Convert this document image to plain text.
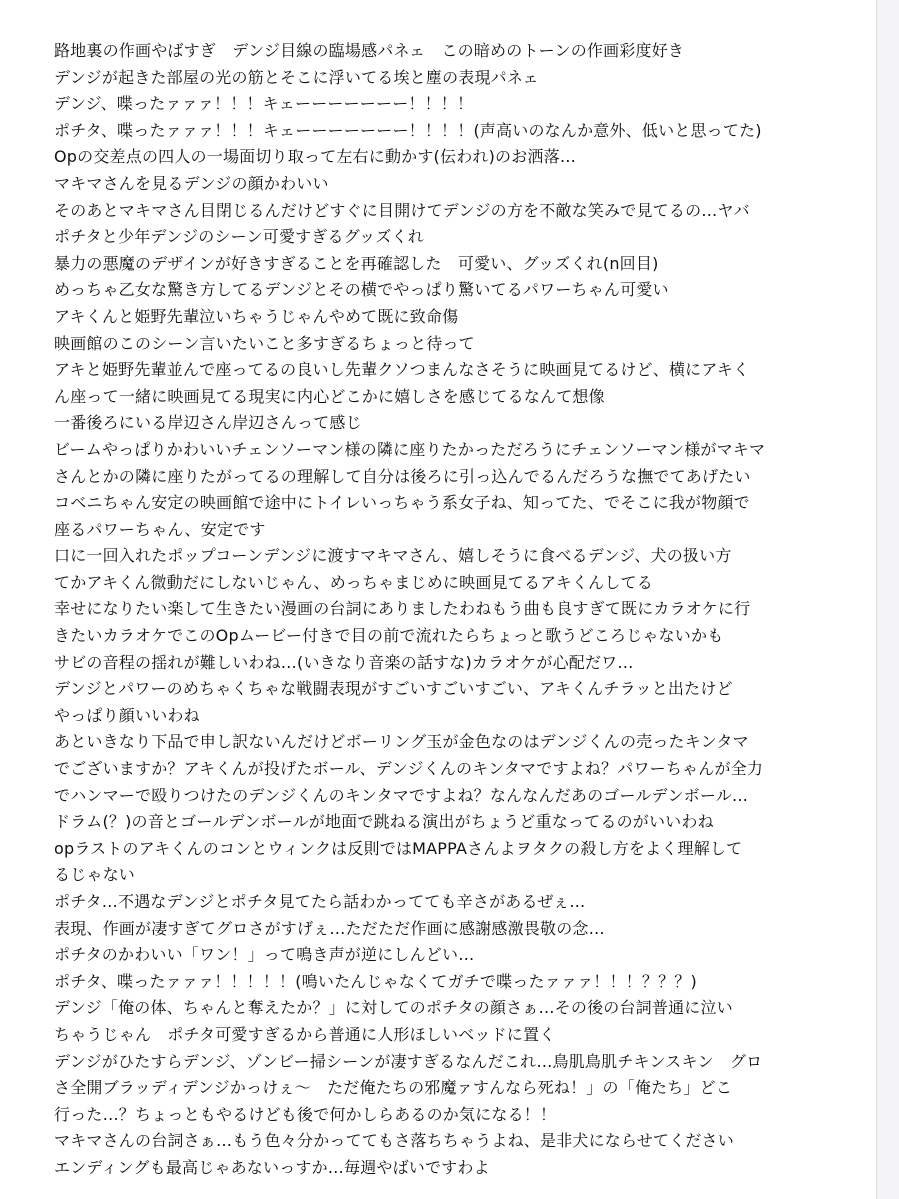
路地裏の作画やばすぎ　デンジ目線の臨場感パネェ　この暗めのトーンの作画彩度好き
デンジが起きた部屋の光の筋とそこに浮いてる埃と塵の表現パネェ
デンジ、喋ったァァァ！！！キェーーーーーーー！！！！
ポチタ、喋ったァァァ！！！キェーーーーーーー！！！！(声高いのなんか意外、低いと思ってた)
Opの交差点の四人の一場面切り取って左右に動かす(伝われ)のお洒落…
マキマさんを見るデンジの顔かわいい
そのあとマキマさん目閉じるんだけどすぐに目開けてデンジの方を不敵な笑みで見てるの…ヤバ
ポチタと少年デンジのシーン可愛すぎるグッズくれ
暴力の悪魔のデザインが好きすぎることを再確認した　可愛い、グッズくれ(n回目)
めっちゃ乙女な驚き方してるデンジとその横でやっぱり驚いてるパワーちゃん可愛い
アキくんと姫野先輩泣いちゃうじゃんやめて既に致命傷
映画館のこのシーン言いたいこと多すぎるちょっと待って
アキと姫野先輩並んで座ってるの良いし先輩クソつまんなさそうに映画見てるけど、横にアキく
ん座って一緒に映画見てる現実に内心どこかに嬉しさを感じてるなんて想像
一番後ろにいる岸辺さん岸辺さんって感じ
ビームやっぱりかわいいチェンソーマン様の隣に座りたかっただろうにチェンソーマン様がマキマ
さんとかの隣に座りたがってるの理解して自分は後ろに引っ込んでるんだろうな撫でてあげたい
コベニちゃん安定の映画館で途中にトイレいっちゃう系女子ね、知ってた、でそこに我が物顔で
座るパワーちゃん、安定です
口に一回入れたポップコーンデンジに渡すマキマさん、嬉しそうに食べるデンジ、犬の扱い方
てかアキくん微動だにしないじゃん、めっちゃまじめに映画見てるアキくんしてる
幸せになりたい楽して生きたい漫画の台詞にありましたわねもう曲も良すぎて既にカラオケに行
きたいカラオケでこのOpムービー付きで目の前で流れたらちょっと歌うどころじゃないかも
サビの音程の揺れが難しいわね…(いきなり音楽の話すな)カラオケが心配だワ…
デンジとパワーのめちゃくちゃな戦闘表現がすごいすごいすごい、アキくんチラッと出たけど
やっぱり顔いいわね
あといきなり下品で申し訳ないんだけどボーリング玉が金色なのはデンジくんの売ったキンタマ
でございますか？アキくんが投げたボール、デンジくんのキンタマですよね？パワーちゃんが全力
でハンマーで殴りつけたのデンジくんのキンタマですよね？なんなんだあのゴールデンボール…
ドラム(？)の音とゴールデンボールが地面で跳ねる演出がちょうど重なってるのがいいわね
opラストのアキくんのコンとウィンクは反則ではMAPPAさんよヲタクの殺し方をよく理解して
るじゃない
ポチタ…不遇なデンジとポチタ見てたら話わかってても辛さがあるぜぇ…
表現、作画が凄すぎてグロさがすげぇ…ただただ作画に感謝感激畏敬の念…
ポチタのかわいい「ワン！」って鳴き声が逆にしんどい…
ポチタ、喋ったァァァ！！！！！(鳴いたんじゃなくてガチで喋ったァァァ！！！？？？)
デンジ「俺の体、ちゃんと奪えたか？」に対してのポチタの顔さぁ…その後の台詞普通に泣い
ちゃうじゃん　ポチタ可愛すぎるから普通に人形ほしいベッドに置く
デンジがひたすらデンジ、ゾンビー掃シーンが凄すぎるなんだこれ…鳥肌鳥肌チキンスキン　グロ
さ全開ブラッディデンジかっけぇ〜　ただ俺たちの邪魔ァすんなら死ね！」の「俺たち」どこ
行った…？ちょっともやるけども後で何かしらあるのか気になる！！
マキマさんの台詞さぁ…もう色々分かっててもさ落ちちゃうよね、是非犬にならせてください
エンディングも最高じゃあないっすか…毎週やばいですわよ
